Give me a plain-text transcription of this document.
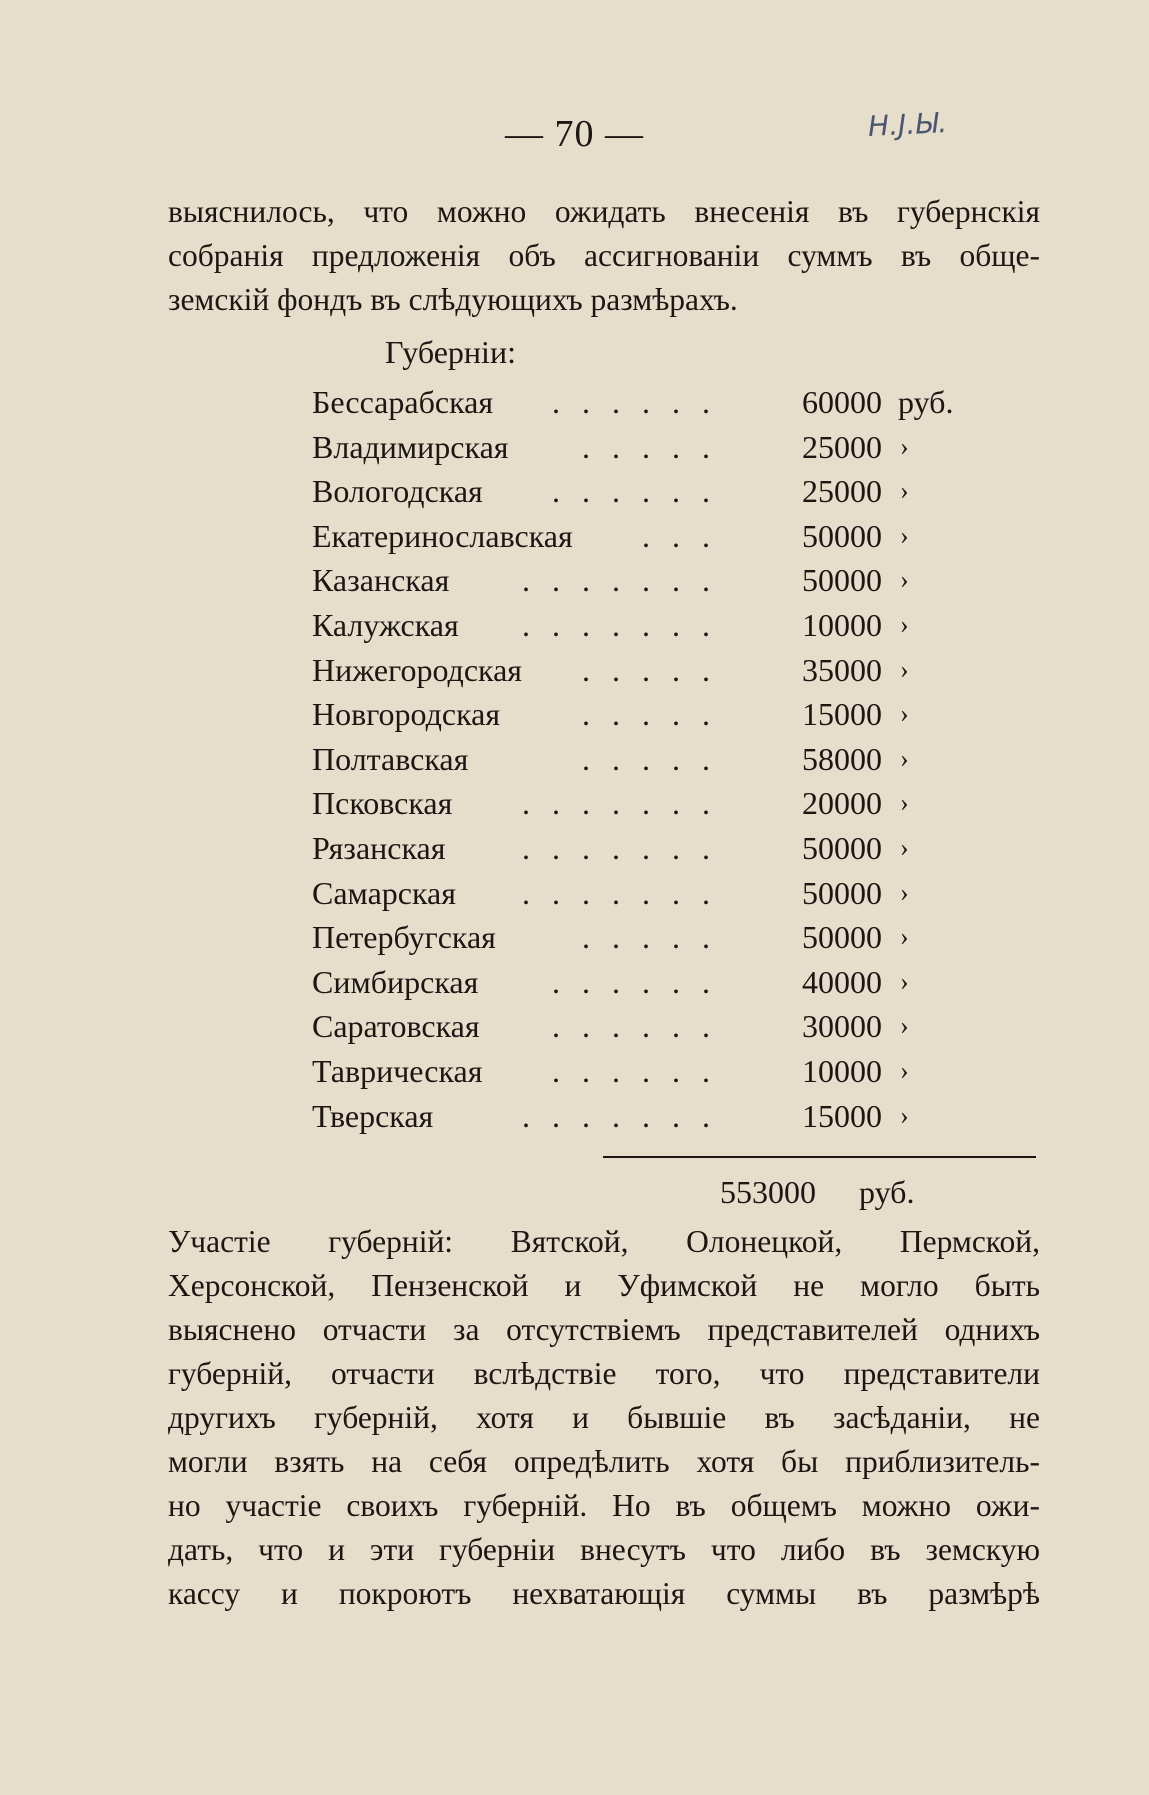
— 70 —	Н.J.Ы.
выяснилось, что можно ожидать внесенія въ губернскія
собранія предложенія объ ассигнованіи суммъ въ обще-
земскій фондъ въ слѣдующихъ размѣрахъ.
Губерніи:
Бессарабская	. . . . . .	60000 руб.
Владимирская	. . . . .	25000 ›
Вологодская	. . . . . .	25000 ›
Екатеринославская	. . .	50000 ›
Казанская	. . . . . . .	50000 ›
Калужская	. . . . . . .	10000 ›
Нижегородская	. . . . .	35000 ›
Новгородская	. . . . .	15000 ›
Полтавская	. . . . .	58000 ›
Псковская	. . . . . . .	20000 ›
Рязанская	. . . . . . .	50000 ›
Самарская	. . . . . . .	50000 ›
Петербугская	. . . . .	50000 ›
Симбирская	. . . . . .	40000 ›
Саратовская	. . . . . .	30000 ›
Таврическая	. . . . . .	10000 ›
Тверская	. . . . . . .	15000 ›
553000 руб.
Участіе губерній: Вятской, Олонецкой, Пермской,
Херсонской, Пензенской и Уфимской не могло быть
выяснено отчасти за отсутствіемъ представителей однихъ
губерній, отчасти вслѣдствіе того, что представители
другихъ губерній, хотя и бывшіе въ засѣданіи, не
могли взять на себя опредѣлить хотя бы приблизитель-
но участіе своихъ губерній. Но въ общемъ можно ожи-
дать, что и эти губерніи внесутъ что либо въ земскую
кассу и покроютъ нехватающія суммы въ размѣрѣ
